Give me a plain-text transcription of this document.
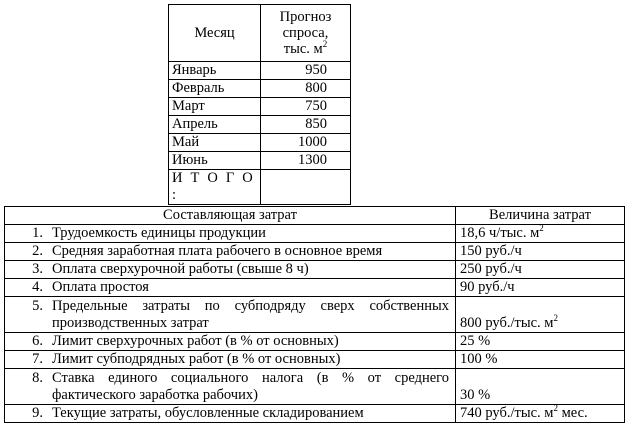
Месяц	Прогноз
спроса,
тыс. $м^2$
Январь	950
Февраль	800
Март	750
Апрель	850
Май	1000
Июнь	1300
И Т О Г О :	
Составляющая затрат	Величина затрат

1. Трудоемкость единицы продукции	18,6 ч/тыс. $м^2$

2. Средняя заработная плата рабочего в основное время	150 руб./ч

3. Оплата сверхурочной работы (свыше 8 ч)	250 руб./ч

4. Оплата простоя	90 руб./ч

5. Предельные затраты по субподряду сверх собственных производственных затрат	800 руб./тыс. $м^2$

6. Лимит сверхурочных работ (в % от основных)	25 %

7. Лимит субподрядных работ (в % от основных)	100 %

8. Ставка единого социального налога (в % от среднего фактического заработка рабочих)	30 %

9. Текущие затраты, обусловленные складированием	740 руб./тыс. $м^2$ мес.
